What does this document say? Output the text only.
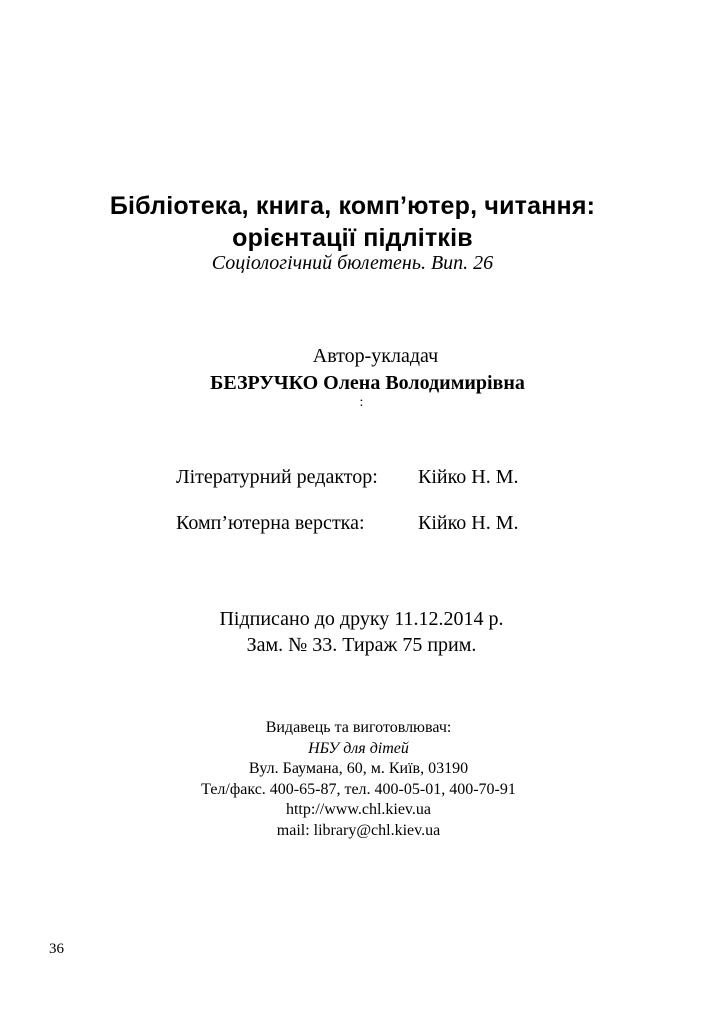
Бібліотека, книга, комп’ютер, читання:
орієнтації підлітків
Соціологічний бюлетень. Вип. 26
Автор-укладач
БЕЗРУЧКО Олена Володимирівна
:
Літературний редактор: Кійко Н. М.
Комп’ютерна верстка:	Кійко Н. М.
Підписано до друку 11.12.2014 р.
Зам. № 33. Тираж 75 прим.
Видавець та виготовлювач:
НБУ для дітей
Вул. Баумана, 60, м. Київ, 03190
Тел/факс. 400-65-87, тел. 400-05-01, 400-70-91
http://www.chl.kiev.ua
mail: library@chl.kiev.ua
36
